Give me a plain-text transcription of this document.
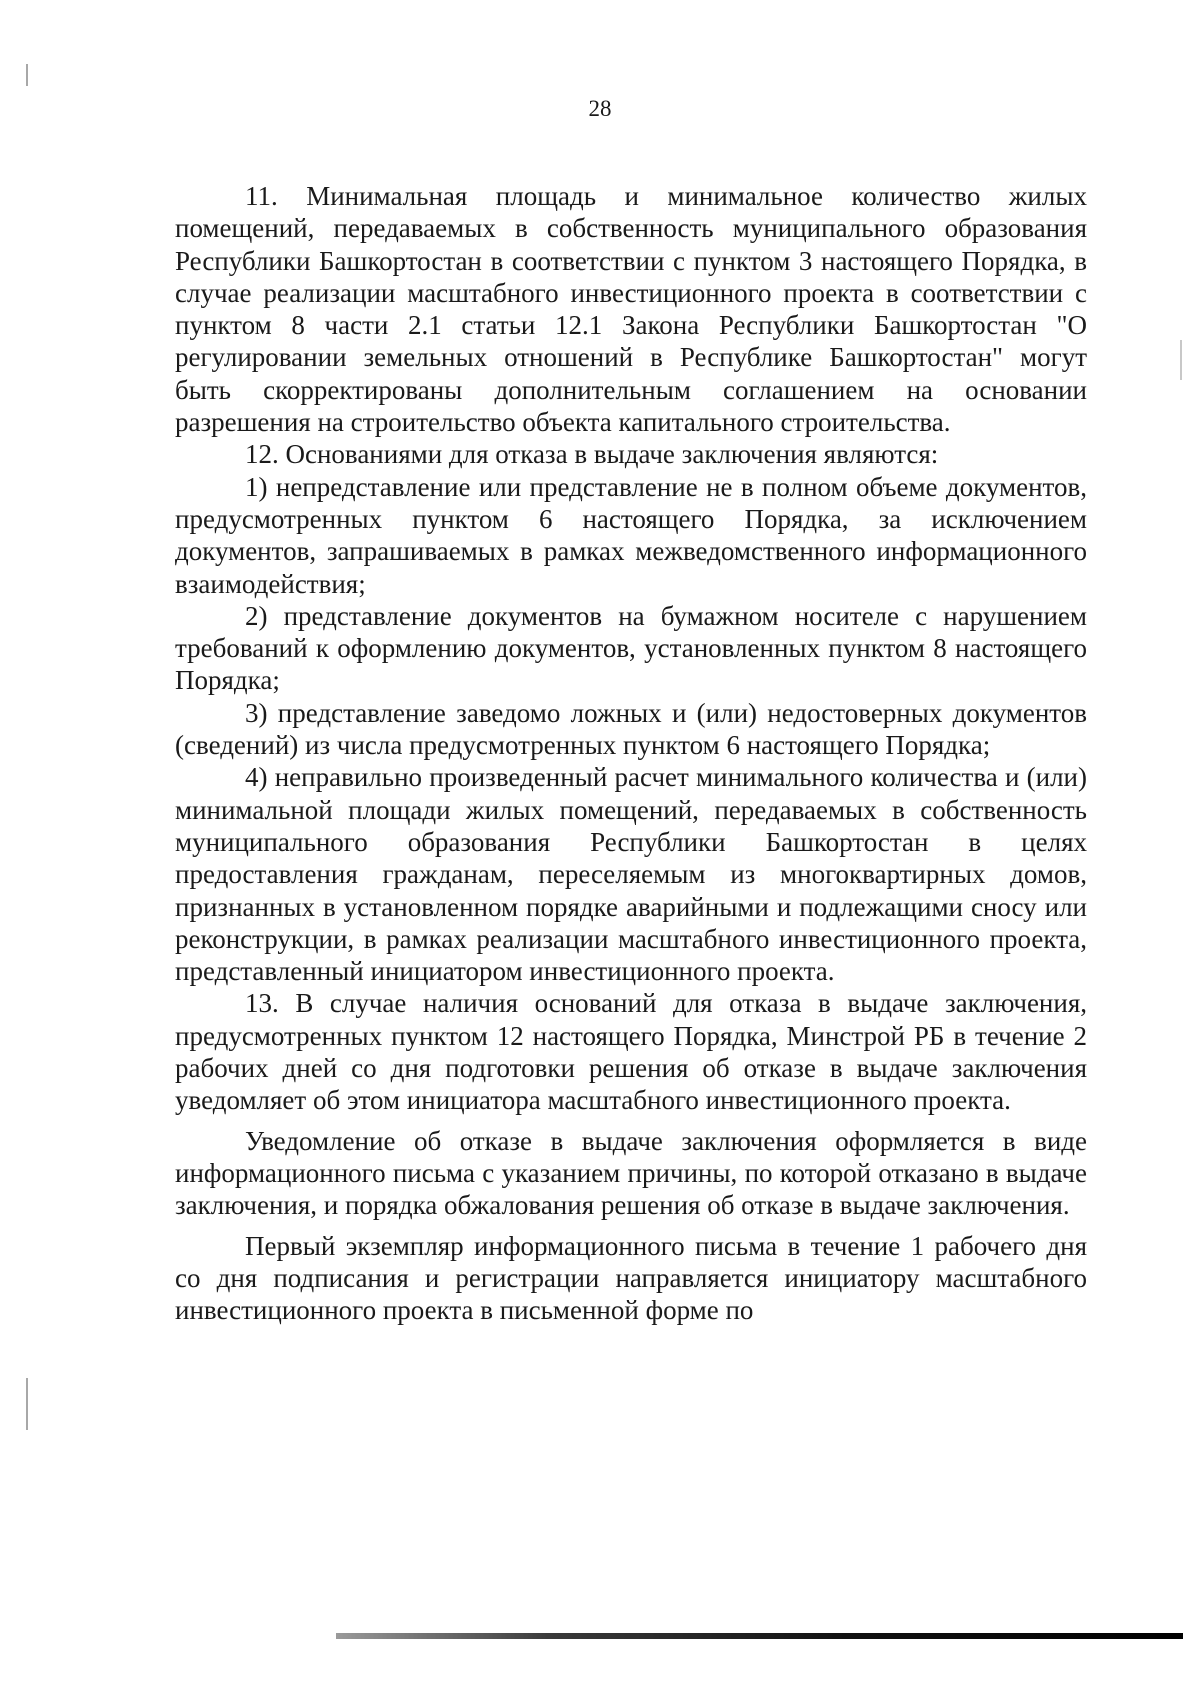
28

11. Минимальная площадь и минимальное количество жилых помещений, передаваемых в собственность муниципального образования Республики Башкортостан в соответствии с пунктом 3 настоящего Порядка, в случае реализации масштабного инвестиционного проекта в соответствии с пунктом 8 части 2.1 статьи 12.1 Закона Республики Башкортостан "О регулировании земельных отношений в Республике Башкортостан" могут быть скорректированы дополнительным соглашением на основании разрешения на строительство объекта капитального строительства.

12. Основаниями для отказа в выдаче заключения являются:

1) непредставление или представление не в полном объеме документов, предусмотренных пунктом 6 настоящего Порядка, за исключением документов, запрашиваемых в рамках межведомственного информационного взаимодействия;

2) представление документов на бумажном носителе с нарушением требований к оформлению документов, установленных пунктом 8 настоящего Порядка;

3) представление заведомо ложных и (или) недостоверных документов (сведений) из числа предусмотренных пунктом 6 настоящего Порядка;

4) неправильно произведенный расчет минимального количества и (или) минимальной площади жилых помещений, передаваемых в собственность муниципального образования Республики Башкортостан в целях предоставления гражданам, переселяемым из многоквартирных домов, признанных в установленном порядке аварийными и подлежащими сносу или реконструкции, в рамках реализации масштабного инвестиционного проекта, представленный инициатором инвестиционного проекта.

13. В случае наличия оснований для отказа в выдаче заключения, предусмотренных пунктом 12 настоящего Порядка, Минстрой РБ в течение 2 рабочих дней со дня подготовки решения об отказе в выдаче заключения уведомляет об этом инициатора масштабного инвестиционного проекта.

Уведомление об отказе в выдаче заключения оформляется в виде информационного письма с указанием причины, по которой отказано в выдаче заключения, и порядка обжалования решения об отказе в выдаче заключения.

Первый экземпляр информационного письма в течение 1 рабочего дня со дня подписания и регистрации направляется инициатору масштабного инвестиционного проекта в письменной форме по
